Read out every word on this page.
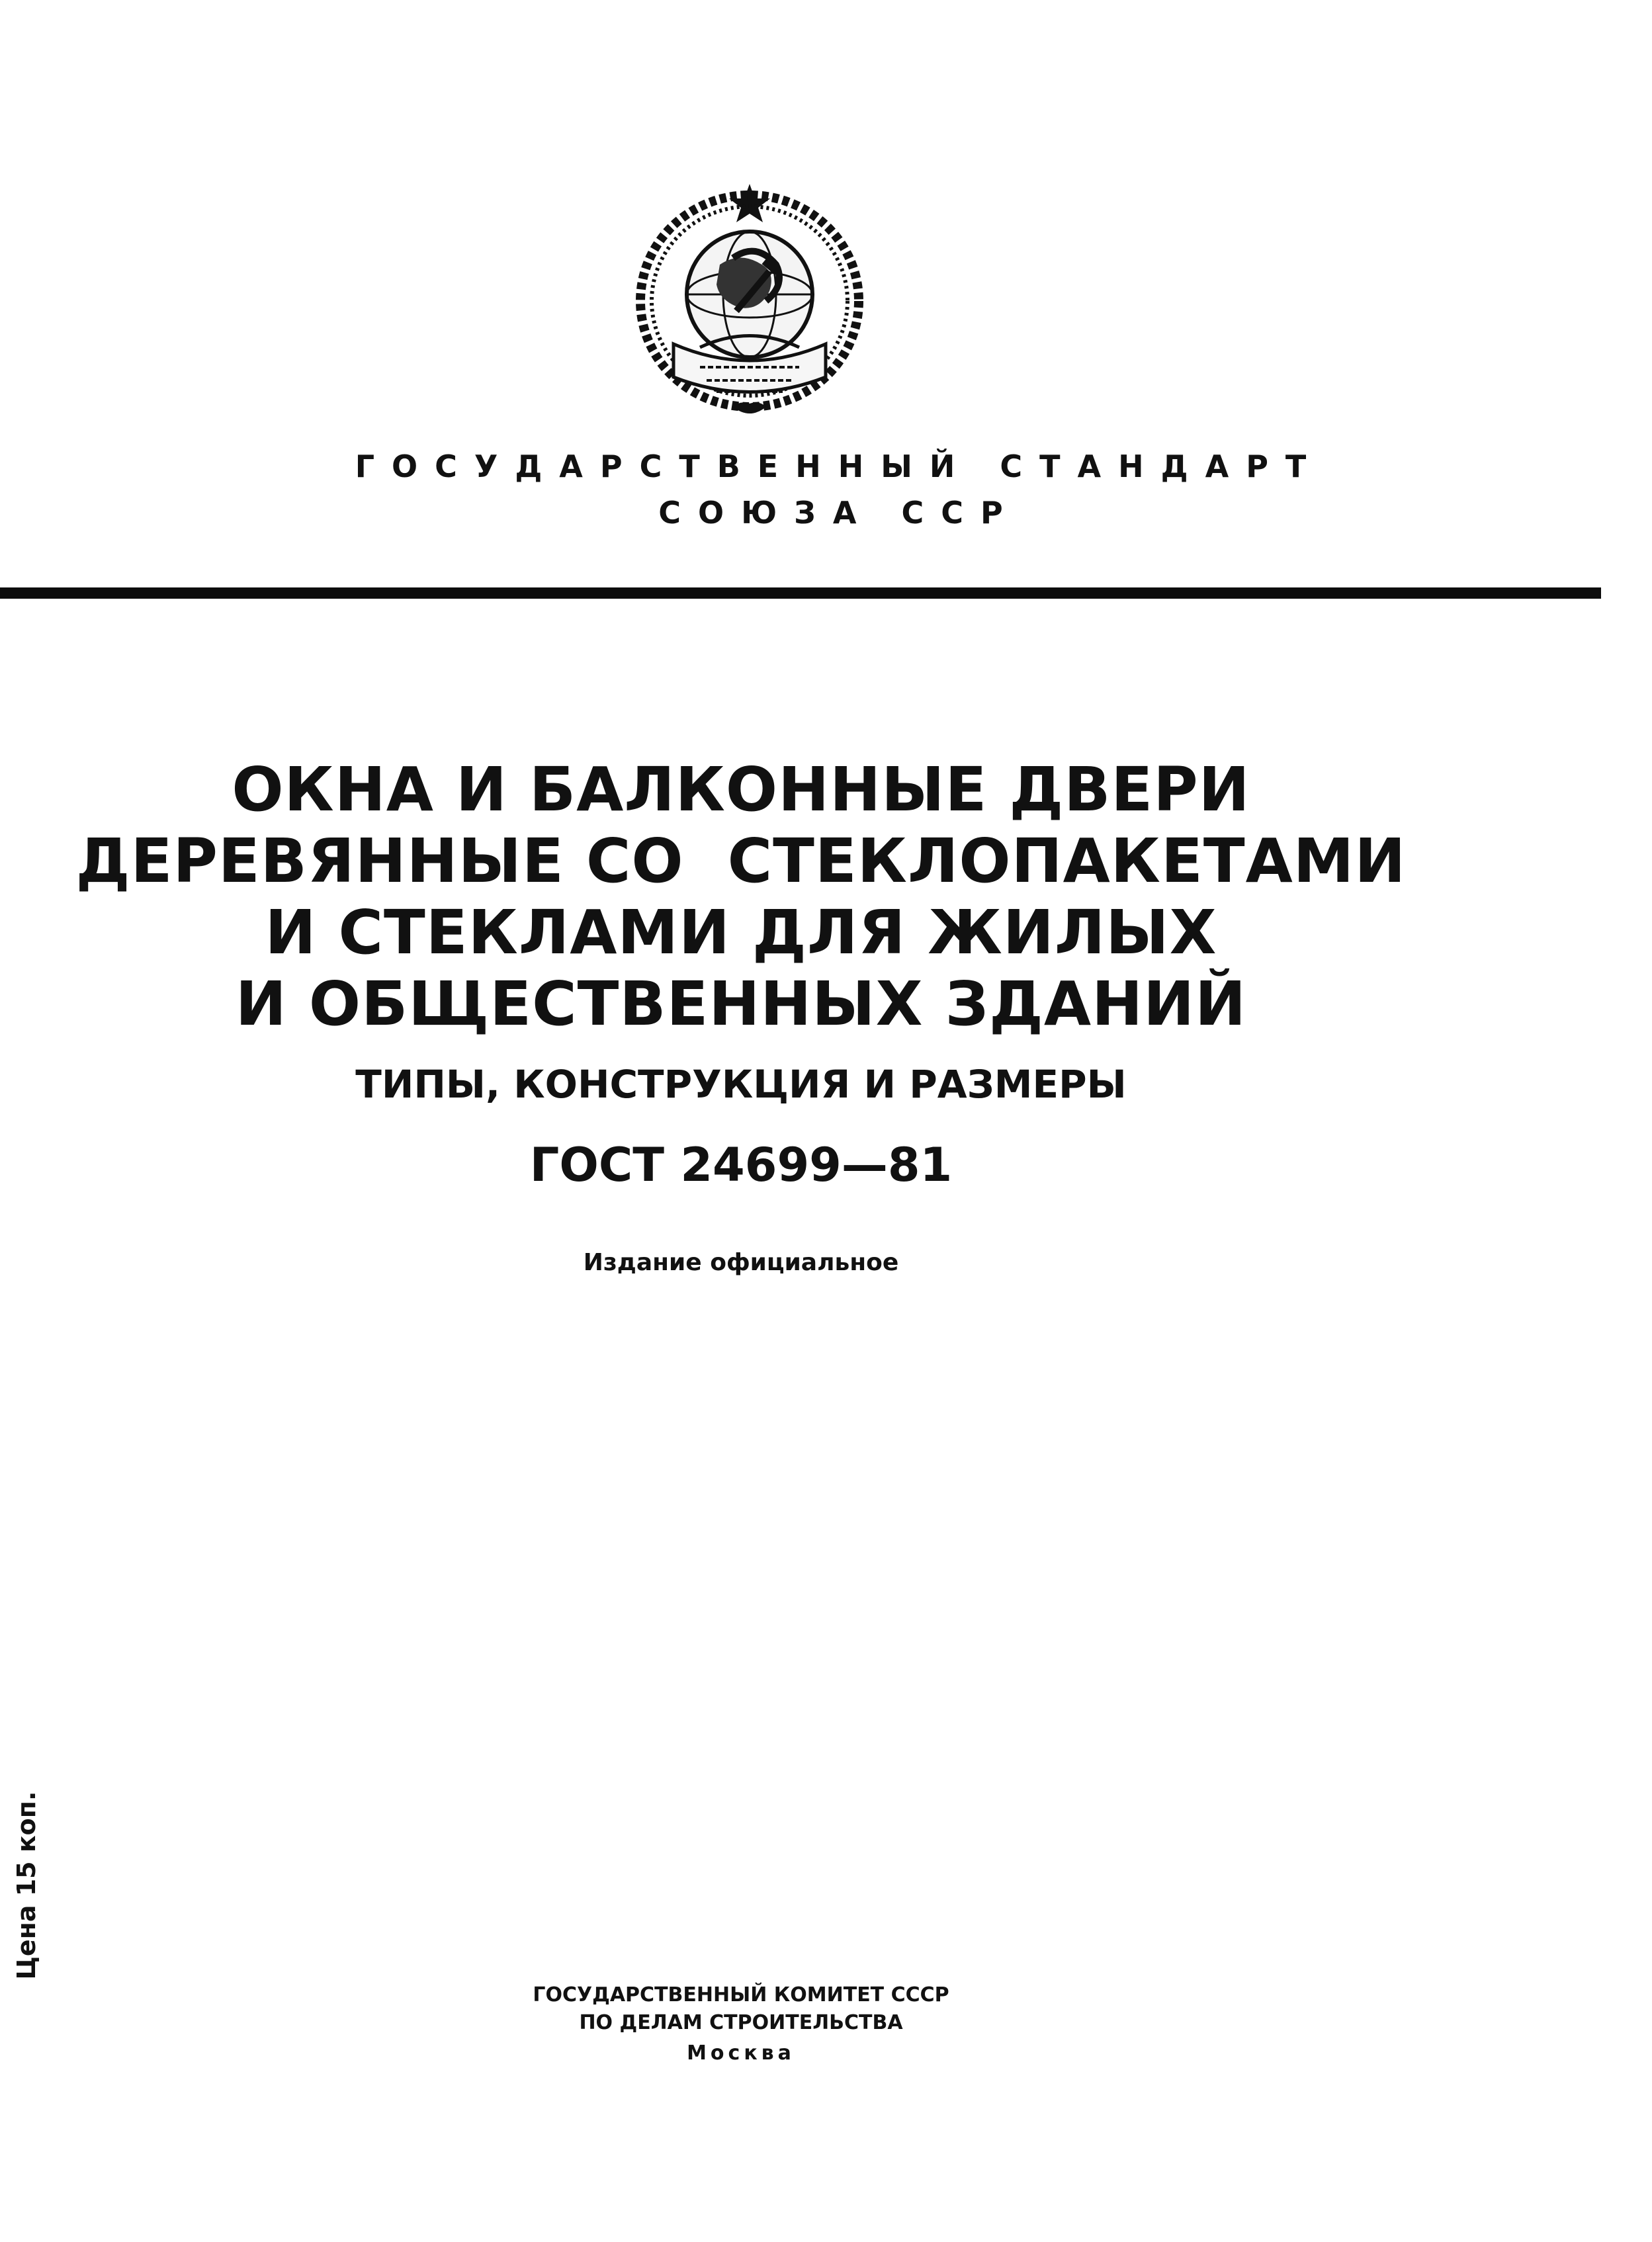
ГОСУДАРСТВЕННЫЙ СТАНДАРТ
СОЮЗА ССР
ОКНА И БАЛКОННЫЕ ДВЕРИ
ДЕРЕВЯННЫЕ СО  СТЕКЛОПАКЕТАМИ
И СТЕКЛАМИ ДЛЯ ЖИЛЫХ
И ОБЩЕСТВЕННЫХ ЗДАНИЙ
ТИПЫ, КОНСТРУКЦИЯ И РАЗМЕРЫ
ГОСТ 24699—81
Издание официальное
Цена 15 коп.
ГОСУДАРСТВЕННЫЙ КОМИТЕТ СССР
ПО ДЕЛАМ СТРОИТЕЛЬСТВА
Москва
